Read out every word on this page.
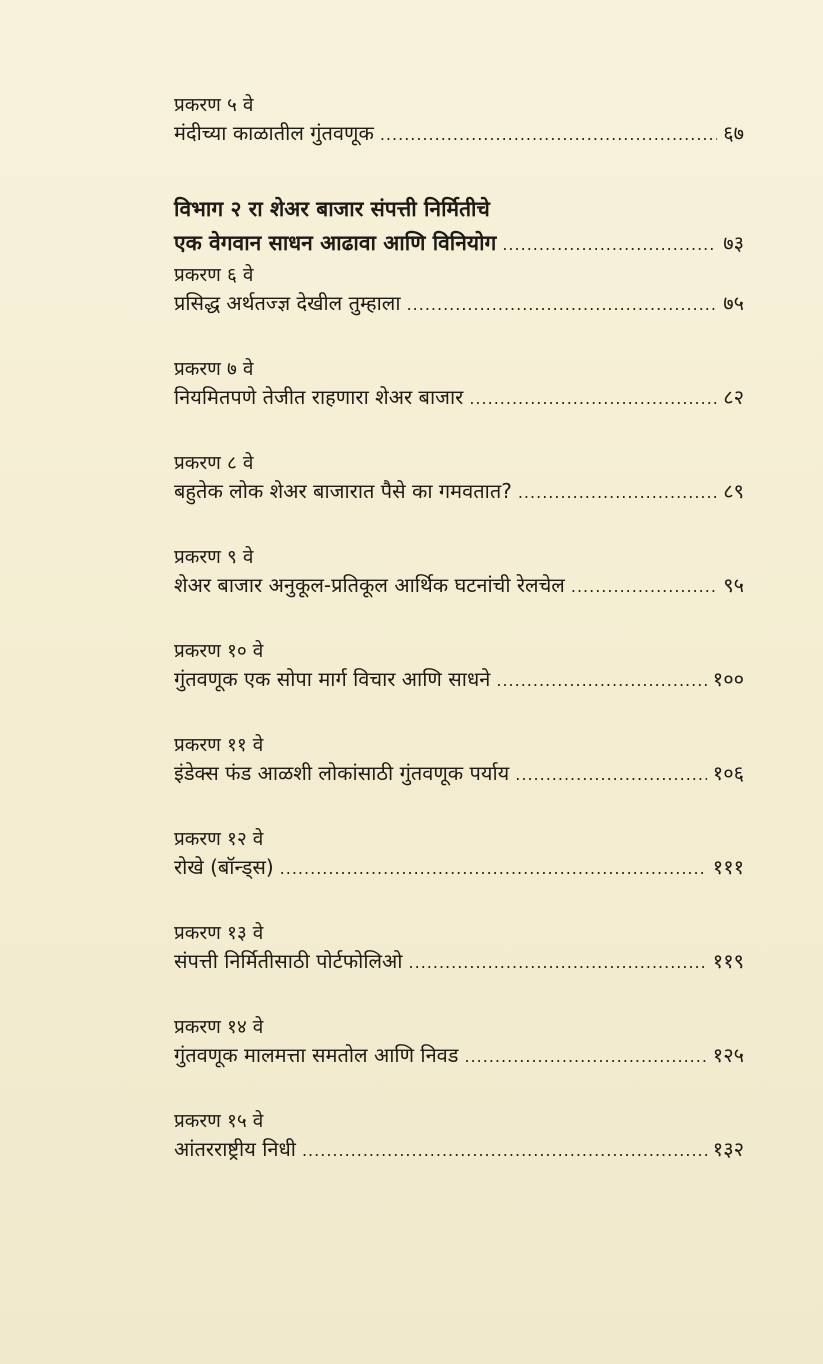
प्रकरण ५ वे
मंदीच्या काळातील गुंतवणूक .....	६७
विभाग २ रा शेअर बाजार संपत्ती निर्मितीचे
एक वेगवान साधन आढावा आणि विनियोग .....	७३
प्रकरण ६ वे
प्रसिद्ध अर्थतज्ज्ञ देखील तुम्हाला .....	७५
प्रकरण ७ वे
नियमितपणे तेजीत राहणारा शेअर बाजार .....	८२
प्रकरण ८ वे
बहुतेक लोक शेअर बाजारात पैसे का गमवतात? .....	८९
प्रकरण ९ वे
शेअर बाजार अनुकूल-प्रतिकूल आर्थिक घटनांची रेलचेल .....	९५
प्रकरण १० वे
गुंतवणूक एक सोपा मार्ग विचार आणि साधने .....	१००
प्रकरण ११ वे
इंडेक्स फंड आळशी लोकांसाठी गुंतवणूक पर्याय .....	१०६
प्रकरण १२ वे
रोखे (बॉन्ड्स) .....	१११
प्रकरण १३ वे
संपत्ती निर्मितीसाठी पोर्टफोलिओ .....	११९
प्रकरण १४ वे
गुंतवणूक मालमत्ता समतोल आणि निवड .....	१२५
प्रकरण १५ वे
आंतरराष्ट्रीय निधी .....	१३२
